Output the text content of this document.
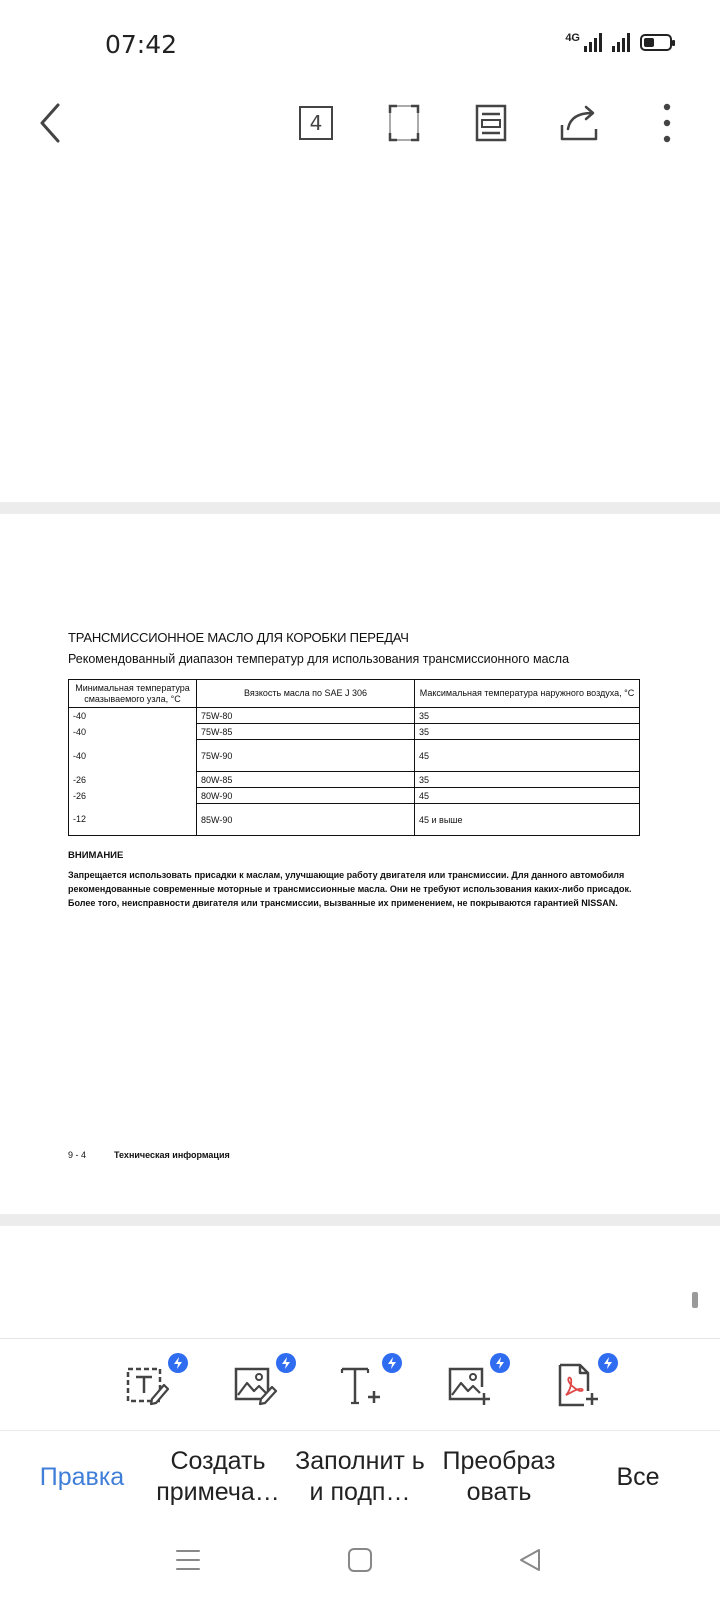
07:42	4G
4
ТРАНСМИССИОННОЕ МАСЛО ДЛЯ КОРОБКИ ПЕРЕДАЧ
Рекомендованный диапазон температур для использования трансмиссионного масла
Минимальная температура смазываемого узла, °C	Вязкость масла по SAE J 306	Максимальная температура наружного воздуха, °C
-40	75W-80	35
-40	75W-85	35
-40	75W-90	45
-26	80W-85	35
-26	80W-90	45
-12	85W-90	45 и выше
ВНИМАНИЕ
Запрещается использовать присадки к маслам, улучшающие работу двигателя или трансмиссии. Для данного автомобиля рекомендованные современные моторные и трансмиссионные масла. Они не требуют использования каких-либо присадок. Более того, неисправности двигателя или трансмиссии, вызванные их применением, не покрываются гарантией NISSAN.
9 - 4	Техническая информация
Правка
Создать примеча…
Заполнит ь и подп…
Преобраз овать
Все
